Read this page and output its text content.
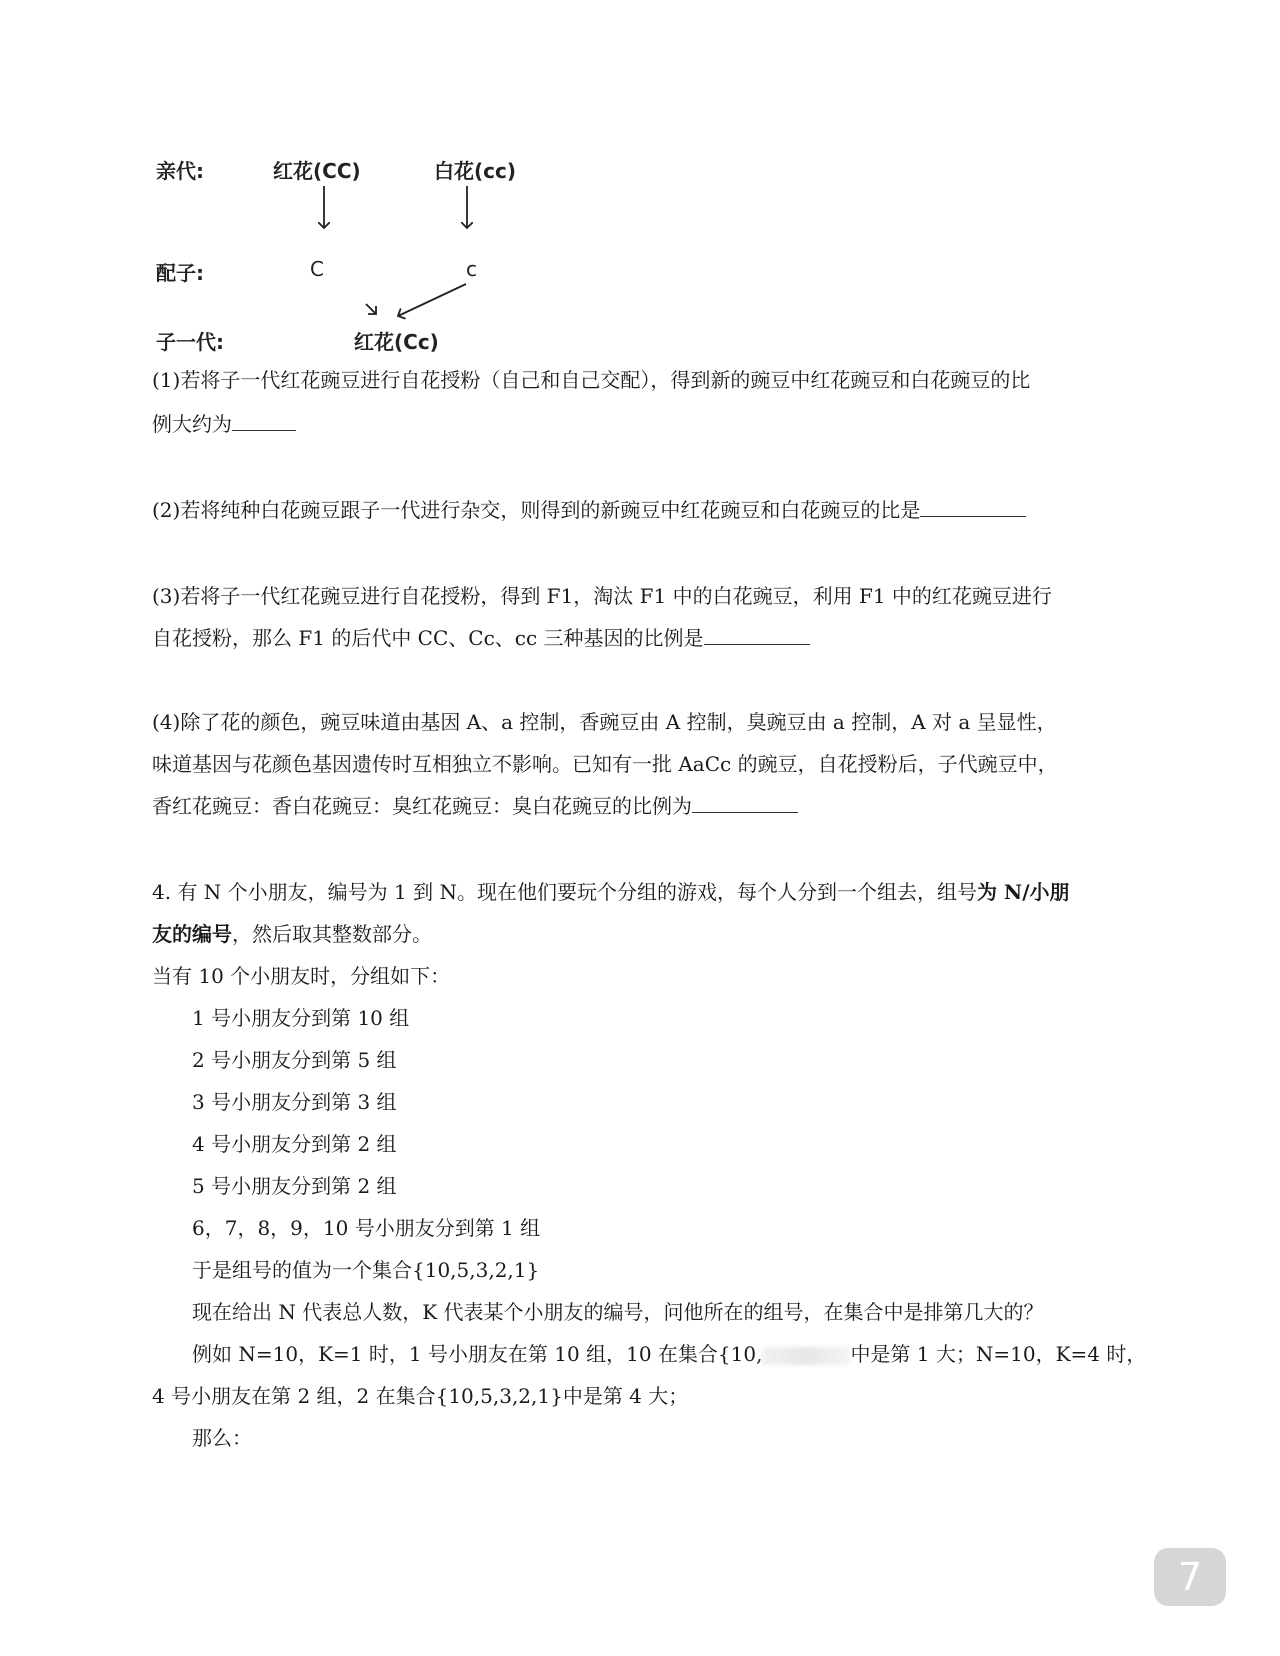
亲代:	红花(CC)	白花(cc)
配子:	C	c
子一代:	红花(Cc)
(1)若将子一代红花豌豆进行自花授粉（自己和自己交配），得到新的豌豆中红花豌豆和白花豌豆的比
例大约为
(2)若将纯种白花豌豆跟子一代进行杂交，则得到的新豌豆中红花豌豆和白花豌豆的比是
(3)若将子一代红花豌豆进行自花授粉，得到 F1，淘汰 F1 中的白花豌豆，利用 F1 中的红花豌豆进行
自花授粉，那么 F1 的后代中 CC、Cc、cc 三种基因的比例是
(4)除了花的颜色，豌豆味道由基因 A、a 控制，香豌豆由 A 控制，臭豌豆由 a 控制，A 对 a 呈显性，
味道基因与花颜色基因遗传时互相独立不影响。已知有一批 AaCc 的豌豆，自花授粉后，子代豌豆中，
香红花豌豆：香白花豌豆：臭红花豌豆：臭白花豌豆的比例为
4. 有 N 个小朋友，编号为 1 到 N。现在他们要玩个分组的游戏，每个人分到一个组去，组号为 N/小朋
友的编号，然后取其整数部分。
当有 10 个小朋友时，分组如下：
1 号小朋友分到第 10 组
2 号小朋友分到第 5 组
3 号小朋友分到第 3 组
4 号小朋友分到第 2 组
5 号小朋友分到第 2 组
6，7，8，9，10 号小朋友分到第 1 组
于是组号的值为一个集合{10,5,3,2,1}
现在给出 N 代表总人数，K 代表某个小朋友的编号，问他所在的组号，在集合中是排第几大的？
例如 N=10，K=1 时，1 号小朋友在第 10 组，10 在集合{10,	中是第 1 大；N=10，K=4 时，
4 号小朋友在第 2 组，2 在集合{10,5,3,2,1}中是第 4 大；
那么：
7
